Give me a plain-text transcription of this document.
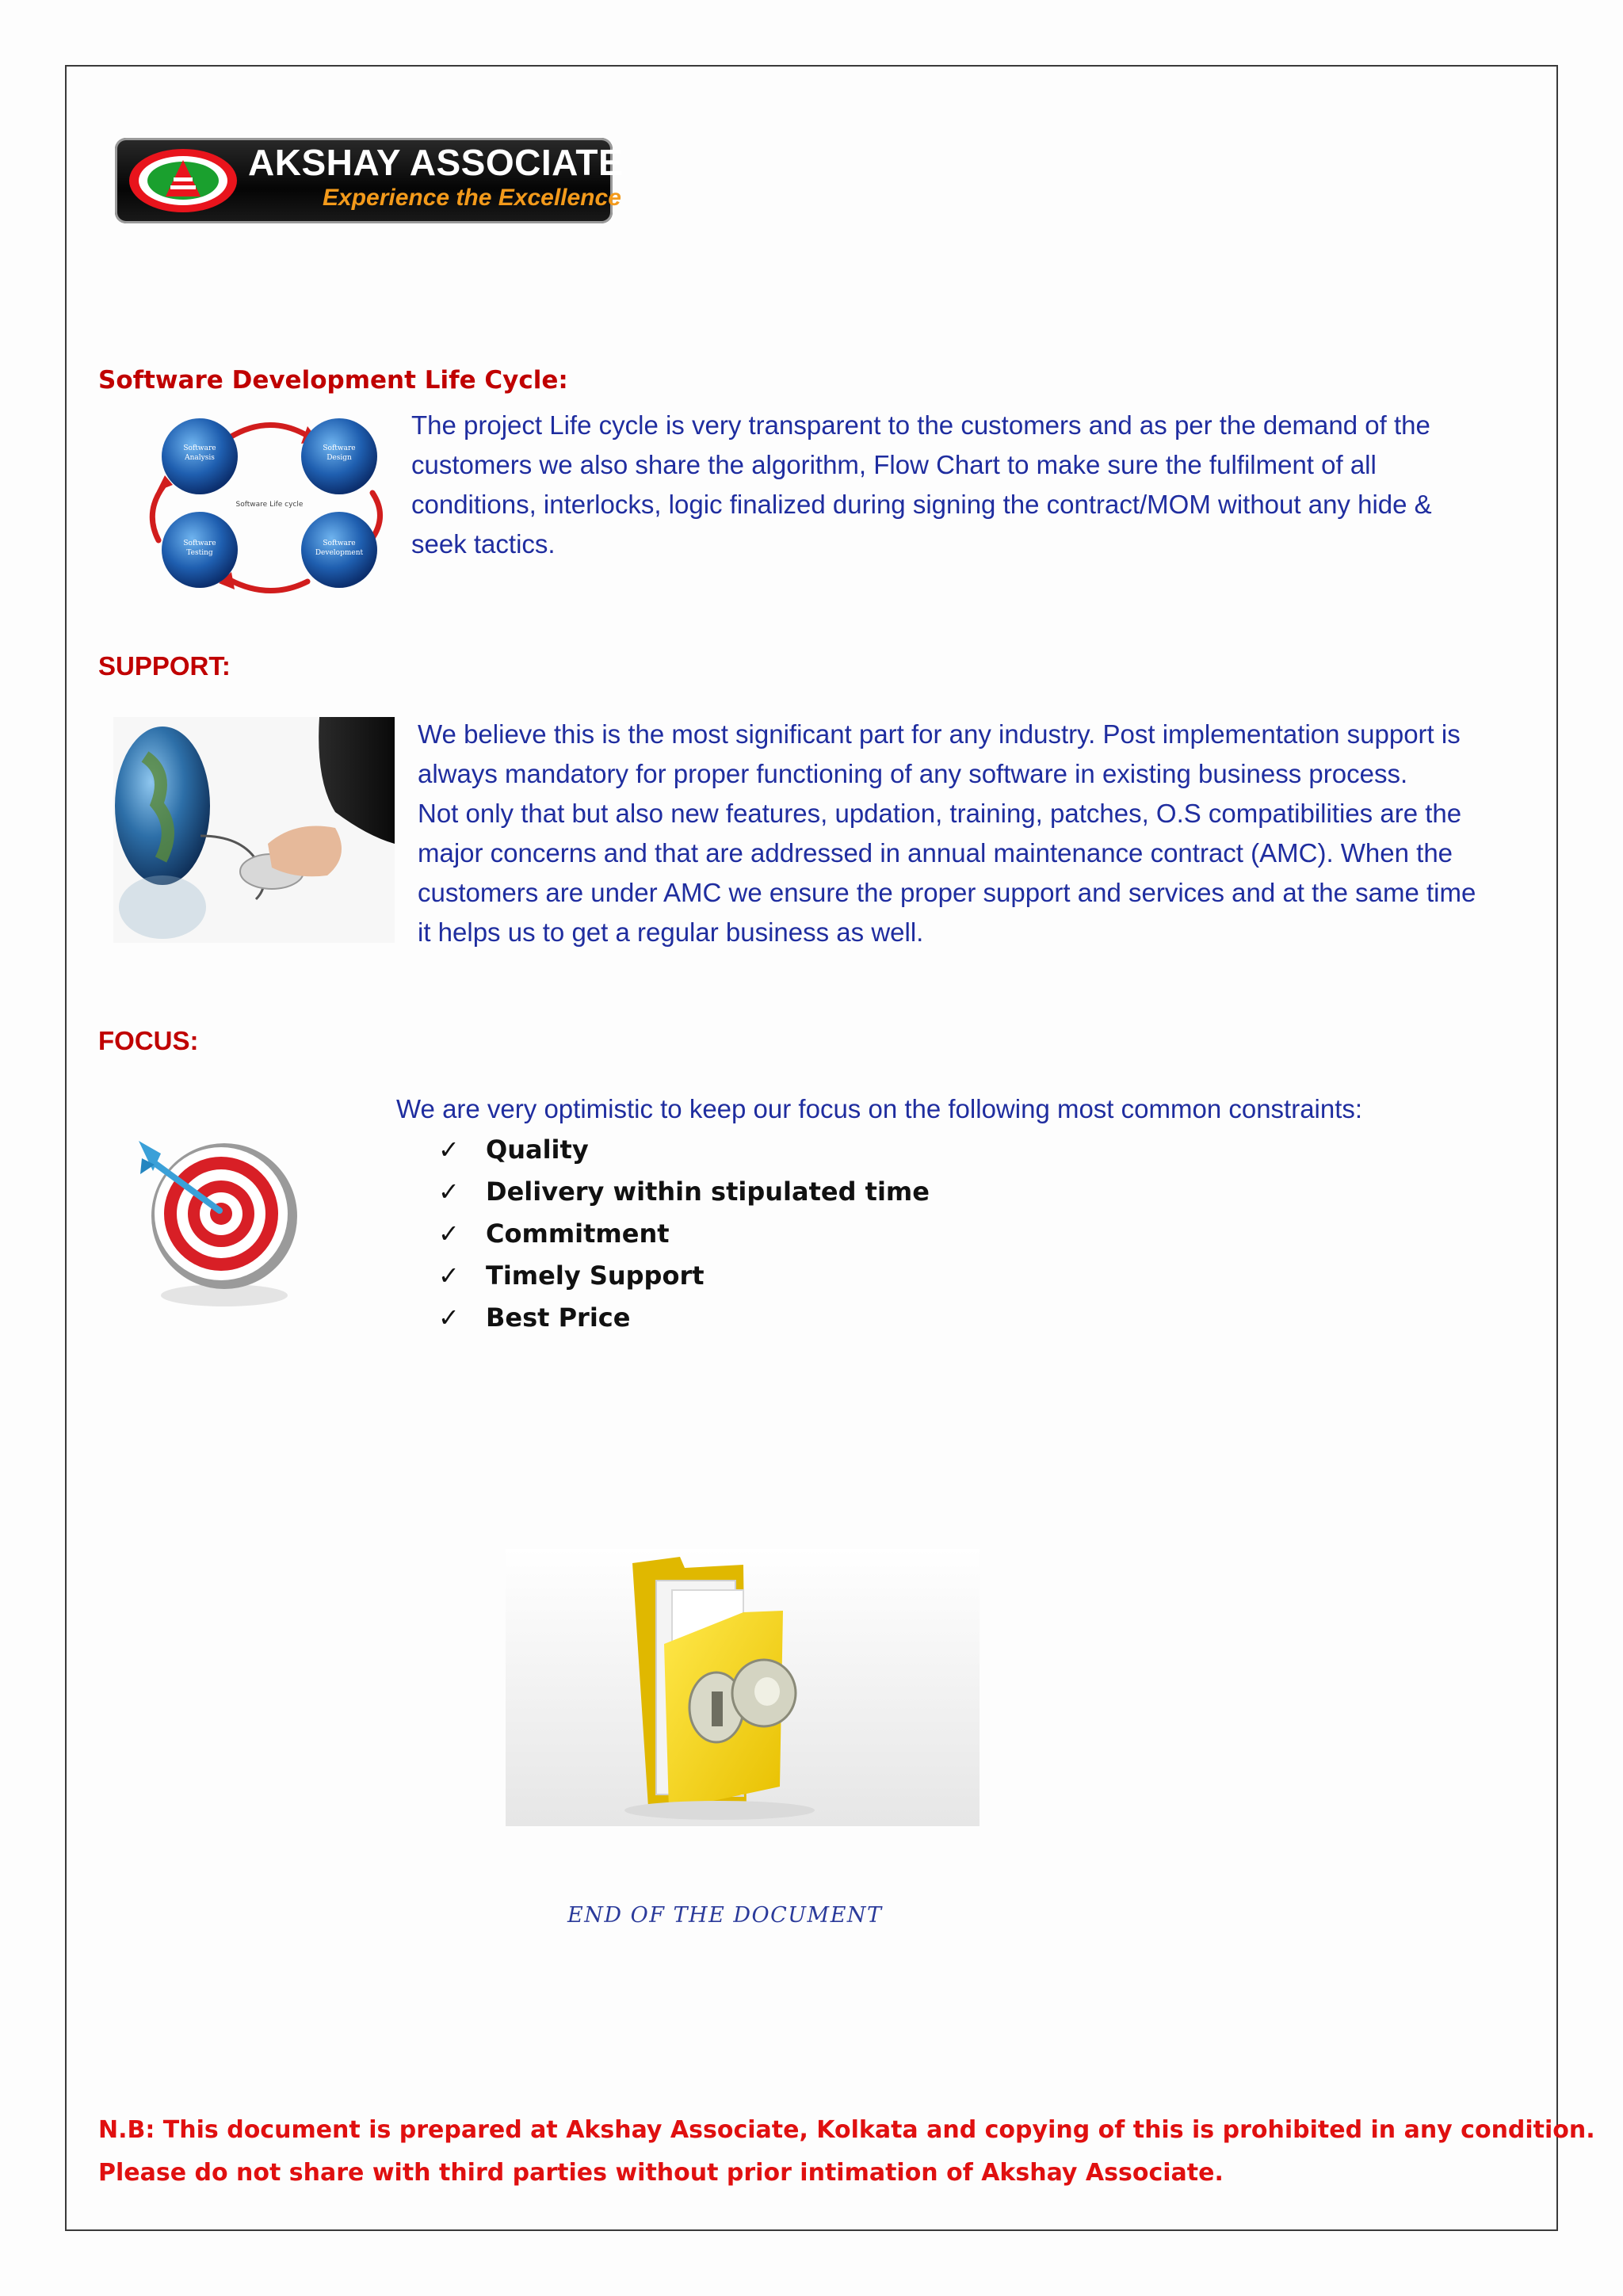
AKSHAY ASSOCIATE
Experience the Excellence
Software Development Life Cycle:
Software
Analysis
Software
Design
Software
Development
Software
Testing
Software Life cycle
The project Life cycle is very transparent to the customers and as per the demand of the customers we also share the algorithm, Flow Chart to make sure the fulfilment of all conditions, interlocks, logic finalized during signing the contract/MOM without any hide & seek tactics.
SUPPORT:
We believe this is the most significant part for any industry. Post implementation support is always mandatory for proper functioning of any software in existing business process.
Not only that but also new features, updation, training, patches, O.S compatibilities are the major concerns and that are addressed in annual maintenance contract (AMC). When the customers are under AMC we ensure the proper support and services and at the same time it helps us to get a regular business as well.
FOCUS:
We are very optimistic to keep our focus on the following most common constraints:
✓ Quality
✓ Delivery within stipulated time
✓ Commitment
✓ Timely Support
✓ Best Price
END OF THE DOCUMENT
N.B: This document is prepared at Akshay Associate, Kolkata and copying of this is prohibited in any condition.
Please do not share with third parties without prior intimation of Akshay Associate.
